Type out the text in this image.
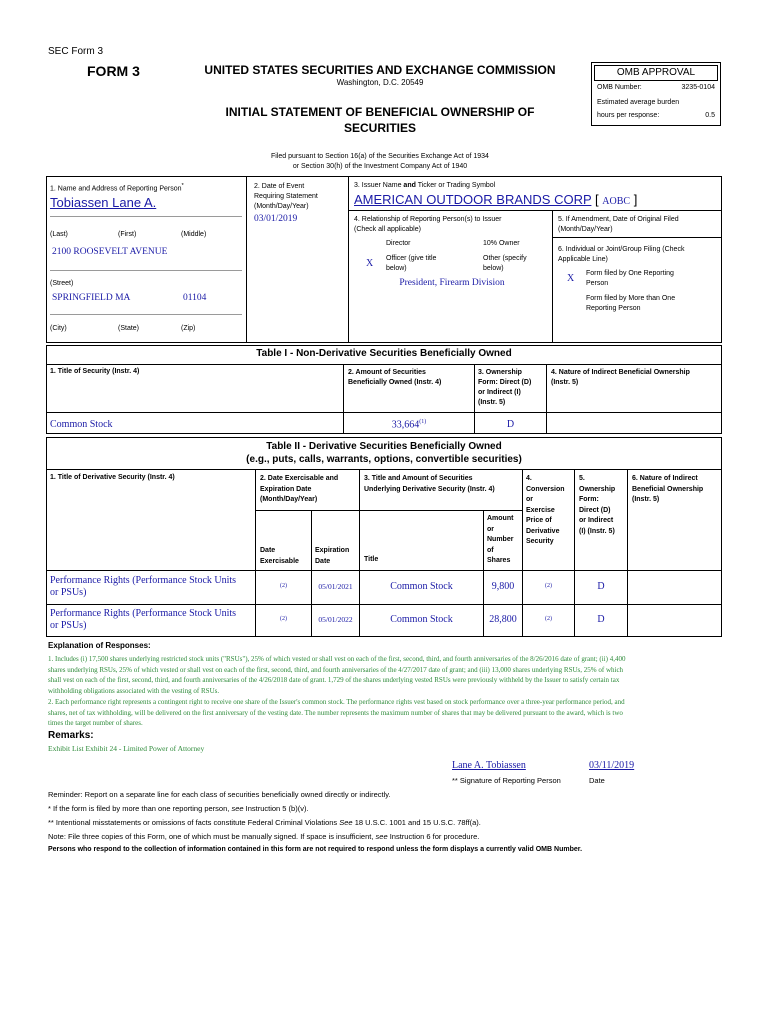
SEC Form 3
FORM 3	UNITED STATES SECURITIES AND EXCHANGE COMMISSION
Washington, D.C. 20549
INITIAL STATEMENT OF BENEFICIAL OWNERSHIP OF
SECURITIES
OMB APPROVAL
OMB Number:	3235-0104
Estimated average burden
hours per response:	0.5
Filed pursuant to Section 16(a) of the Securities Exchange Act of 1934
or Section 30(h) of the Investment Company Act of 1940
1. Name and Address of Reporting Person*
Tobiassen Lane A.
(Last)	(First)	(Middle)
2100 ROOSEVELT AVENUE
(Street)
SPRINGFIELD MA	01104
(City)	(State)	(Zip)
2. Date of Event
Requiring Statement
(Month/Day/Year)
03/01/2019
3. Issuer Name and Ticker or Trading Symbol
AMERICAN OUTDOOR BRANDS CORP [ AOBC ]
4. Relationship of Reporting Person(s) to Issuer
(Check all applicable)
Director	10% Owner
X Officer (give title
below)
Other (specify
below)
President, Firearm Division
5. If Amendment, Date of Original Filed
(Month/Day/Year)
6. Individual or Joint/Group Filing (Check
Applicable Line)
X Form filed by One Reporting
Person
Form filed by More than One
Reporting Person
Table I - Non-Derivative Securities Beneficially Owned
1. Title of Security (Instr. 4)	2. Amount of Securities
Beneficially Owned (Instr. 4)
3. Ownership
Form: Direct (D)
or Indirect (I)
(Instr. 5)
4. Nature of Indirect Beneficial Ownership
(Instr. 5)
Common Stock	33,664$^{(1)}$	D
Table II - Derivative Securities Beneficially Owned
(e.g., puts, calls, warrants, options, convertible securities)
1. Title of Derivative Security (Instr. 4)	2. Date Exercisable and
Expiration Date
(Month/Day/Year)
3. Title and Amount of Securities
Underlying Derivative Security (Instr. 4)
4.
Conversion
or
Exercise
Price of
Derivative
Security
5.
Ownership
Form:
Direct (D)
or Indirect
(I) (Instr. 5)
6. Nature of Indirect
Beneficial Ownership
(Instr. 5)
Date
Exercisable
Expiration
Date	Title
Amount
or
Number
of
Shares
Performance Rights (Performance Stock Units
or PSUs)
(2)	05/01/2021	Common Stock	9,800	(2)	D
Performance Rights (Performance Stock Units
or PSUs)
(2)	05/01/2022	Common Stock	28,800	(2)	D
Explanation of Responses:
1. Includes (i) 17,500 shares underlying restricted stock units ("RSUs"), 25% of which vested or shall vest on each of the first, second, third, and fourth anniversaries of the 8/26/2016 date of grant; (ii) 4,400
shares underlying RSUs, 25% of which vested or shall vest on each of the first, second, third, and fourth anniversaries of the 4/27/2017 date of grant; and (iii) 13,000 shares underlying RSUs, 25% of which
shall vest on each of the first, second, third, and fourth anniversaries of the 4/26/2018 date of grant. 1,729 of the shares underlying vested RSUs were previously withheld by the Issuer to satisfy certain tax
withholding obligations associated with the vesting of RSUs.
2. Each performance right represents a contingent right to receive one share of the Issuer's common stock. The performance rights vest based on stock performance over a three-year performance period, and
shares, net of tax withholding, will be delivered on the first anniversary of the vesting date. The number represents the maximum number of shares that may be delivered pursuant to the award, which is two
times the target number of shares.
Remarks:
Exhibit List Exhibit 24 - Limited Power of Attorney
Lane A. Tobiassen	03/11/2019
** Signature of Reporting Person	Date
Reminder: Report on a separate line for each class of securities beneficially owned directly or indirectly.
* If the form is filed by more than one reporting person, see Instruction 5 (b)(v).
** Intentional misstatements or omissions of facts constitute Federal Criminal Violations See 18 U.S.C. 1001 and 15 U.S.C. 78ff(a).
Note: File three copies of this Form, one of which must be manually signed. If space is insufficient, see Instruction 6 for procedure.
Persons who respond to the collection of information contained in this form are not required to respond unless the form displays a currently valid OMB Number.
